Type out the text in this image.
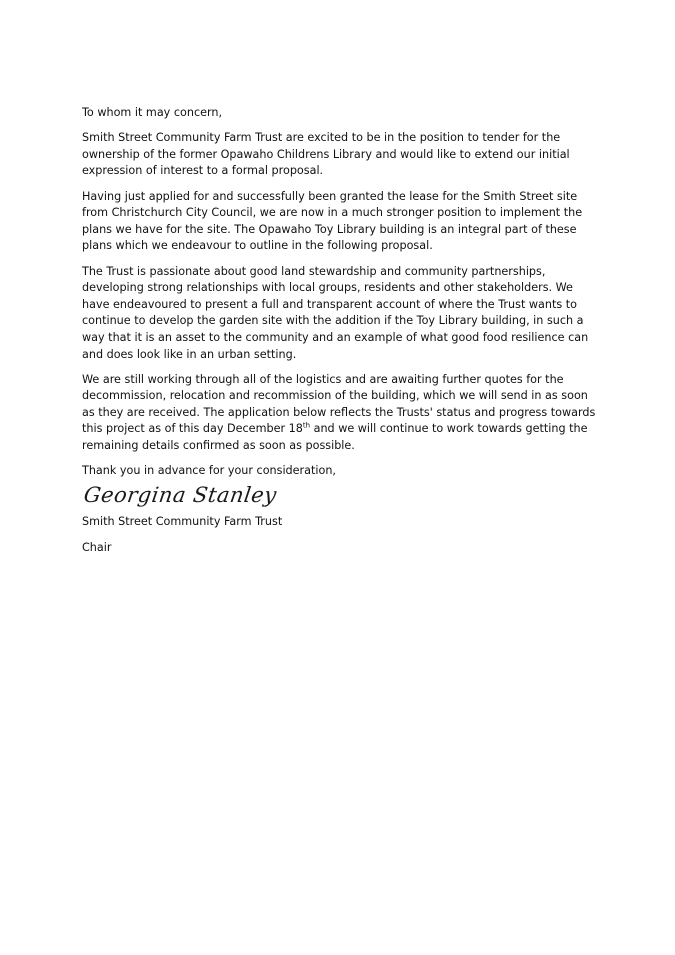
To whom it may concern,

Smith Street Community Farm Trust are excited to be in the position to tender for the ownership of the former Opawaho Childrens Library and would like to extend our initial expression of interest to a formal proposal.

Having just applied for and successfully been granted the lease for the Smith Street site from Christchurch City Council, we are now in a much stronger position to implement the plans we have for the site. The Opawaho Toy Library building is an integral part of these plans which we endeavour to outline in the following proposal.

The Trust is passionate about good land stewardship and community partnerships, developing strong relationships with local groups, residents and other stakeholders. We have endeavoured to present a full and transparent account of where the Trust wants to continue to develop the garden site with the addition if the Toy Library building, in such a way that it is an asset to the community and an example of what good food resilience can and does look like in an urban setting.

We are still working through all of the logistics and are awaiting further quotes for the decommission, relocation and recommission of the building, which we will send in as soon as they are received. The application below reflects the Trusts' status and progress towards this project as of this day December 18th and we will continue to work towards getting the remaining details confirmed as soon as possible.

Thank you in advance for your consideration,

Georgina Stanley

Smith Street Community Farm Trust

Chair
